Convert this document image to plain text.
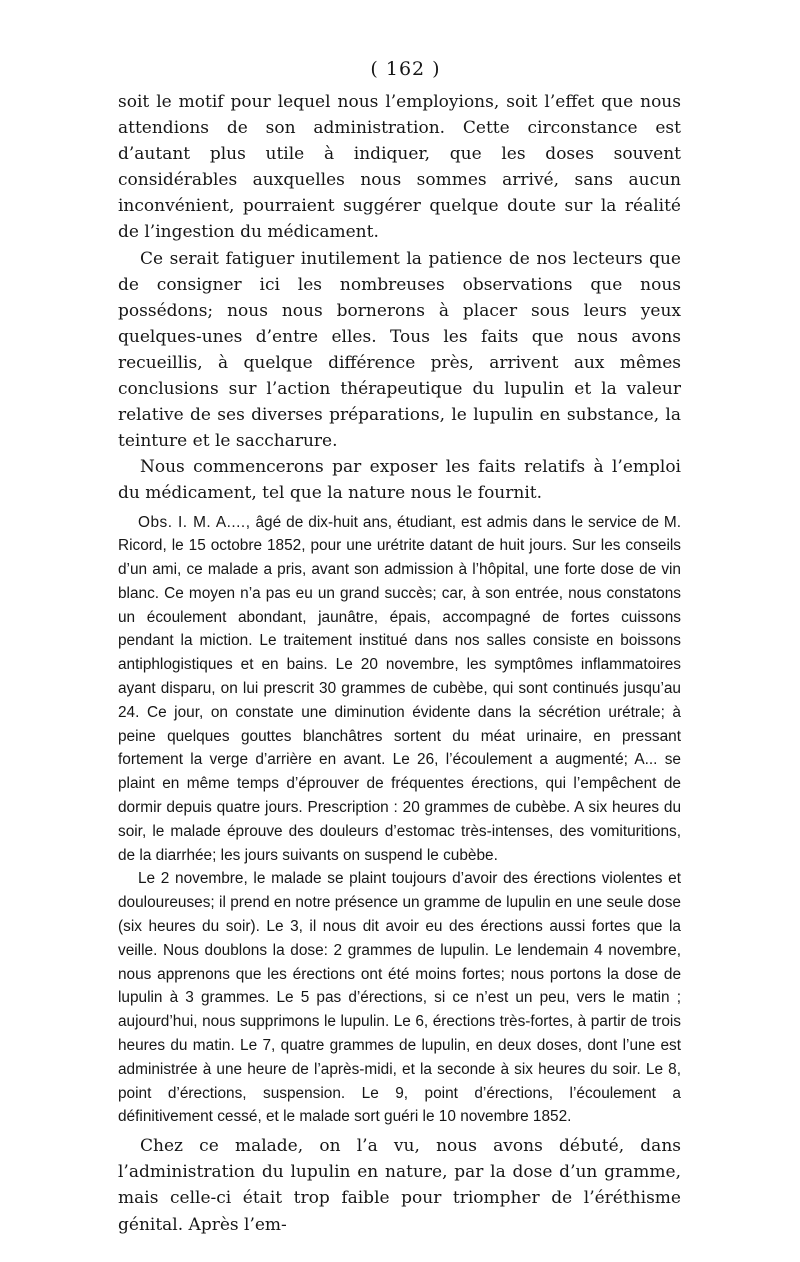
( 162 )

soit le motif pour lequel nous l’employions, soit l’effet que nous attendions de son administration. Cette circonstance est d’autant plus utile à indiquer, que les doses souvent considérables auxquelles nous sommes arrivé, sans aucun inconvénient, pourraient suggérer quelque doute sur la réalité de l’ingestion du médicament.

Ce serait fatiguer inutilement la patience de nos lecteurs que de consigner ici les nombreuses observations que nous possédons; nous nous bornerons à placer sous leurs yeux quelques-unes d’entre elles. Tous les faits que nous avons recueillis, à quelque différence près, arrivent aux mêmes conclusions sur l’action thérapeutique du lupulin et la valeur relative de ses diverses préparations, le lupulin en substance, la teinture et le saccharure.

Nous commencerons par exposer les faits relatifs à l’emploi du médicament, tel que la nature nous le fournit.

Obs. I. M. A...., âgé de dix-huit ans, étudiant, est admis dans le service de M. Ricord, le 15 octobre 1852, pour une urétrite datant de huit jours. Sur les conseils d’un ami, ce malade a pris, avant son admission à l’hôpital, une forte dose de vin blanc. Ce moyen n’a pas eu un grand succès; car, à son entrée, nous constatons un écoulement abondant, jaunâtre, épais, accompagné de fortes cuissons pendant la miction. Le traitement institué dans nos salles consiste en boissons antiphlogistiques et en bains. Le 20 novembre, les symptômes inflammatoires ayant disparu, on lui prescrit 30 grammes de cubèbe, qui sont continués jusqu’au 24. Ce jour, on constate une diminution évidente dans la sécrétion urétrale; à peine quelques gouttes blanchâtres sortent du méat urinaire, en pressant fortement la verge d’arrière en avant. Le 26, l’écoulement a augmenté; A... se plaint en même temps d’éprouver de fréquentes érections, qui l’empêchent de dormir depuis quatre jours. Prescription : 20 grammes de cubèbe. A six heures du soir, le malade éprouve des douleurs d’estomac très-intenses, des vomituritions, de la diarrhée; les jours suivants on suspend le cubèbe.

Le 2 novembre, le malade se plaint toujours d’avoir des érections violentes et douloureuses; il prend en notre présence un gramme de lupulin en une seule dose (six heures du soir). Le 3, il nous dit avoir eu des érections aussi fortes que la veille. Nous doublons la dose: 2 grammes de lupulin. Le lendemain 4 novembre, nous apprenons que les érections ont été moins fortes; nous portons la dose de lupulin à 3 grammes. Le 5 pas d’érections, si ce n’est un peu, vers le matin ; aujourd’hui, nous supprimons le lupulin. Le 6, érections très-fortes, à partir de trois heures du matin. Le 7, quatre grammes de lupulin, en deux doses, dont l’une est administrée à une heure de l’après-midi, et la seconde à six heures du soir. Le 8, point d’érections, suspension. Le 9, point d’érections, l’écoulement a définitivement cessé, et le malade sort guéri le 10 novembre 1852.

Chez ce malade, on l’a vu, nous avons débuté, dans l’administration du lupulin en nature, par la dose d’un gramme, mais celle-ci était trop faible pour triompher de l’éréthisme génital. Après l’em-
